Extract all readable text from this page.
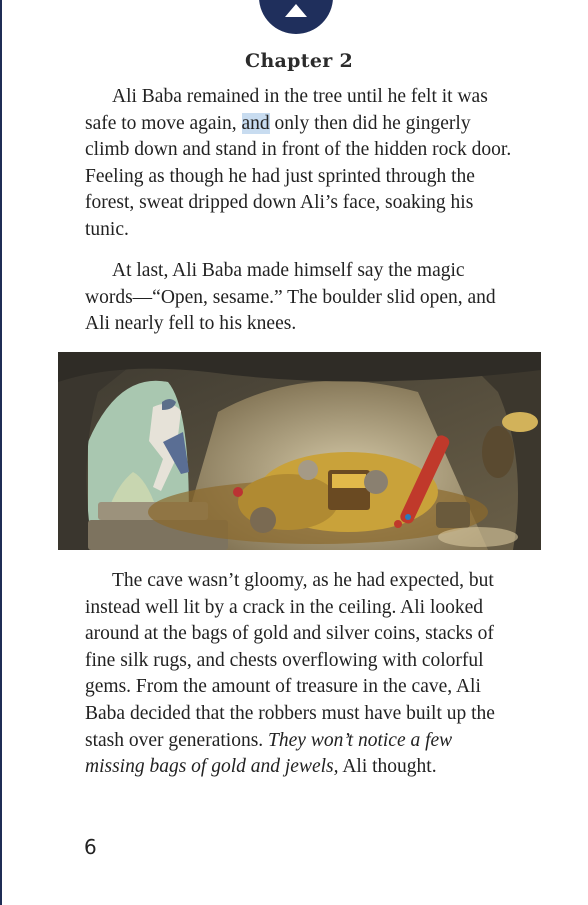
Chapter 2

Ali Baba remained in the tree until he felt it was safe to move again, and only then did he gingerly climb down and stand in front of the hidden rock door. Feeling as though he had just sprinted through the forest, sweat dripped down Ali’s face, soaking his tunic.

At last, Ali Baba made himself say the magic words—“Open, sesame.” The boulder slid open, and Ali nearly fell to his knees.

The cave wasn’t gloomy, as he had expected, but instead well lit by a crack in the ceiling. Ali looked around at the bags of gold and silver coins, stacks of fine silk rugs, and chests overflowing with colorful gems. From the amount of treasure in the cave, Ali Baba decided that the robbers must have built up the stash over generations. They won’t notice a few missing bags of gold and jewels, Ali thought.

6
